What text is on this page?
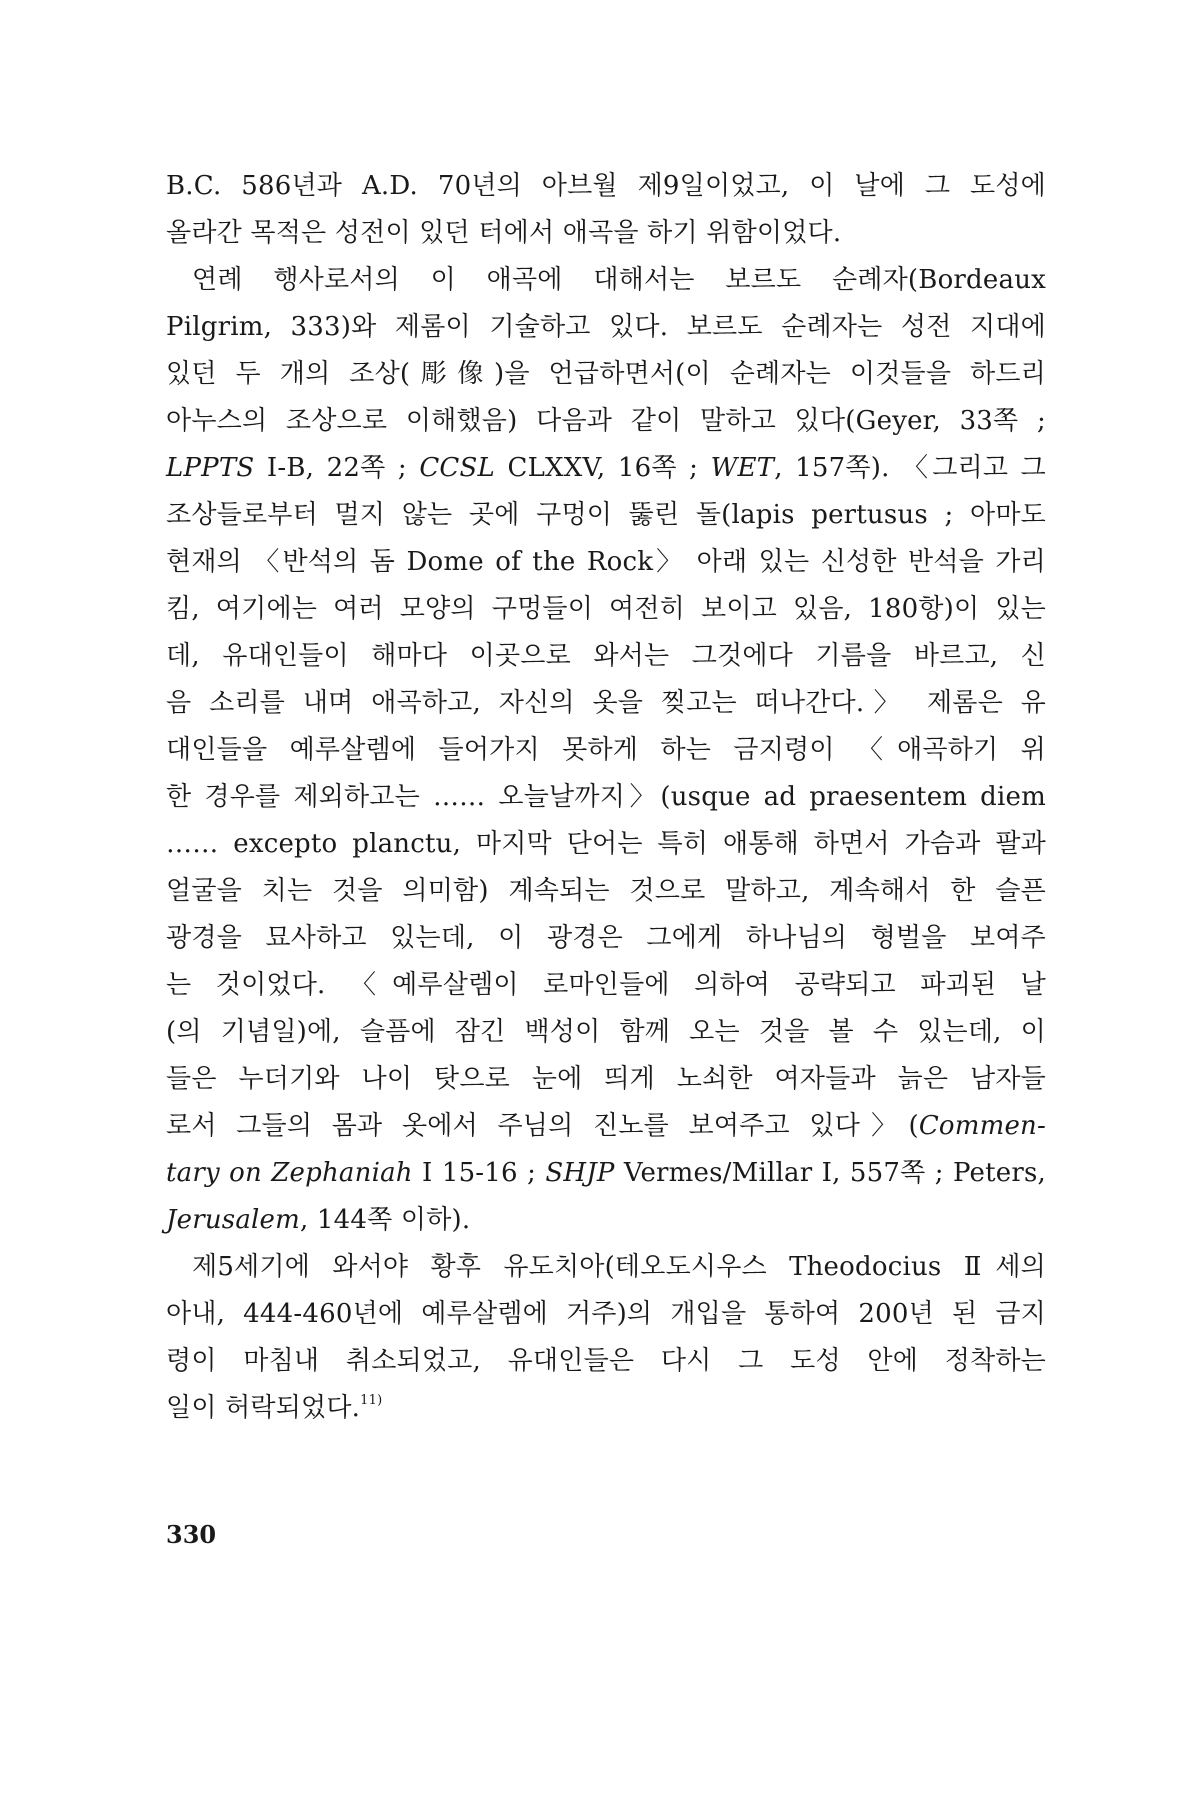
B.C. 586년과 A.D. 70년의 아브월 제9일이었고, 이 날에 그 도성에
올라간 목적은 성전이 있던 터에서 애곡을 하기 위함이었다.
연례 행사로서의 이 애곡에 대해서는 보르도 순례자(Bordeaux
Pilgrim, 333)와 제롬이 기술하고 있다. 보르도 순례자는 성전 지대에
있던 두 개의 조상(彫像)을 언급하면서(이 순례자는 이것들을 하드리
아누스의 조상으로 이해했음) 다음과 같이 말하고 있다(Geyer, 33쪽 ;
LPPTS I-B, 22쪽 ; CCSL CLXXV, 16쪽 ; WET, 157쪽). 〈그리고 그
조상들로부터 멀지 않는 곳에 구멍이 뚫린 돌(lapis pertusus ; 아마도
현재의 〈반석의 돔 Dome of the Rock〉 아래 있는 신성한 반석을 가리
킴, 여기에는 여러 모양의 구멍들이 여전히 보이고 있음, 180항)이 있는
데, 유대인들이 해마다 이곳으로 와서는 그것에다 기름을 바르고, 신
음 소리를 내며 애곡하고, 자신의 옷을 찢고는 떠나간다.〉 제롬은 유
대인들을 예루살렘에 들어가지 못하게 하는 금지령이 〈애곡하기 위
한 경우를 제외하고는 …… 오늘날까지〉(usque ad praesentem diem
…… excepto planctu, 마지막 단어는 특히 애통해 하면서 가슴과 팔과
얼굴을 치는 것을 의미함) 계속되는 것으로 말하고, 계속해서 한 슬픈
광경을 묘사하고 있는데, 이 광경은 그에게 하나님의 형벌을 보여주
는 것이었다. 〈예루살렘이 로마인들에 의하여 공략되고 파괴된 날
(의 기념일)에, 슬픔에 잠긴 백성이 함께 오는 것을 볼 수 있는데, 이
들은 누더기와 나이 탓으로 눈에 띄게 노쇠한 여자들과 늙은 남자들
로서 그들의 몸과 옷에서 주님의 진노를 보여주고 있다〉(Commen-
tary on Zephaniah I 15-16 ; SHJP Vermes/Millar I, 557쪽 ; Peters,
Jerusalem, 144쪽 이하).
제5세기에 와서야 황후 유도치아(테오도시우스 Theodocius Ⅱ세의
아내, 444-460년에 예루살렘에 거주)의 개입을 통하여 200년 된 금지
령이 마침내 취소되었고, 유대인들은 다시 그 도성 안에 정착하는
일이 허락되었다.$^{11)}$
330
